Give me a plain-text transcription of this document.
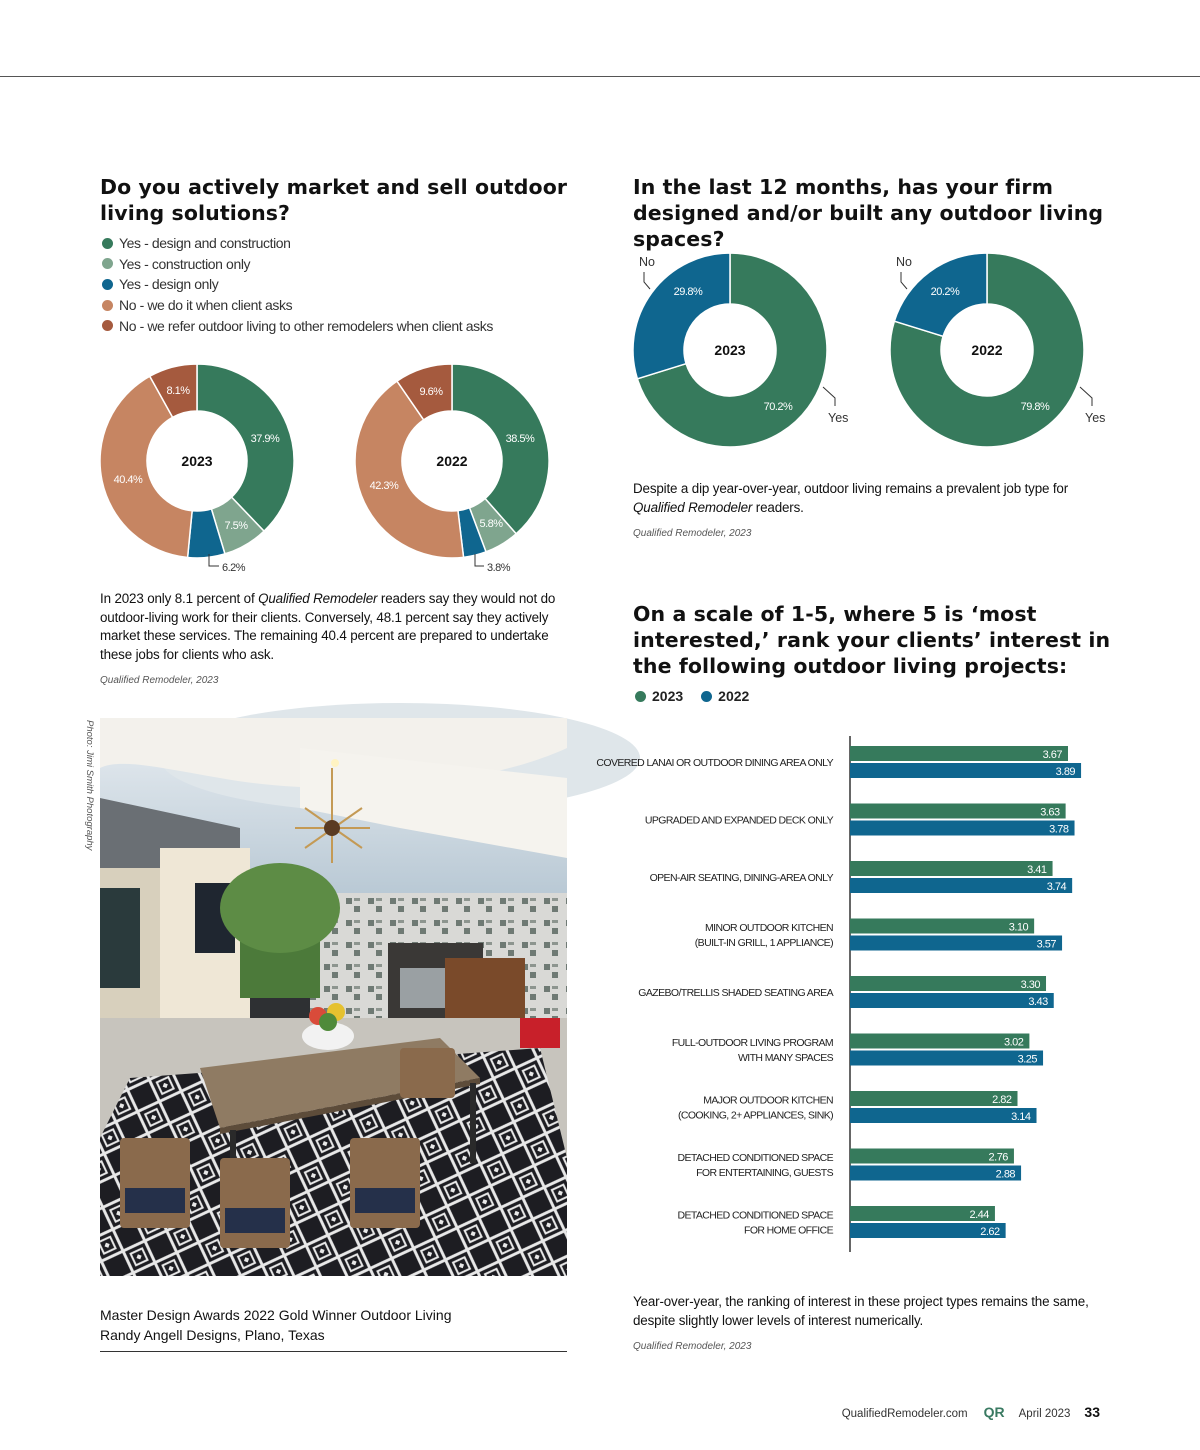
Do you actively market and sell outdoor living solutions?
Yes - design and construction
Yes - construction only
Yes - design only
No - we do it when client asks
No - we refer outdoor living to other remodelers when client asks
2023
37.9%
7.5%
6.2%
40.4%
8.1%
2022
38.5%
5.8%
3.8%
42.3%
9.6%

In 2023 only 8.1 percent of Qualified Remodeler readers say they would not do outdoor-living work for their clients. Conversely, 48.1 percent say they actively market these services. The remaining 40.4 percent are prepared to undertake these jobs for clients who ask.

Qualified Remodeler, 2023
Photo: Jimi Smith Photography
Master Design Awards 2022 Gold Winner Outdoor Living
Randy Angell Designs, Plano, Texas
In the last 12 months, has your firm designed and/or built any outdoor living spaces?
2023
70.2%
29.8%
2022
79.8%
20.2%
Yes
No
Yes
No

Despite a dip year-over-year, outdoor living remains a prevalent job type for Qualified Remodeler readers.

Qualified Remodeler, 2023
On a scale of 1-5, where 5 is ‘most interested,’ rank your clients’ interest in the following outdoor living projects:
2023	2022
COVERED LANAI OR OUTDOOR DINING AREA ONLY
3.67
3.89
UPGRADED AND EXPANDED DECK ONLY
3.63
3.78
OPEN-AIR SEATING, DINING-AREA ONLY
3.41
3.74
MINOR OUTDOOR KITCHEN
(BUILT-IN GRILL, 1 APPLIANCE)
3.10
3.57
GAZEBO/TRELLIS SHADED SEATING AREA
3.30
3.43
FULL-OUTDOOR LIVING PROGRAM
WITH MANY SPACES
3.02
3.25
MAJOR OUTDOOR KITCHEN
(COOKING, 2+ APPLIANCES, SINK)
2.82
3.14
DETACHED CONDITIONED SPACE
FOR ENTERTAINING, GUESTS
2.76
2.88
DETACHED CONDITIONED SPACE
FOR HOME OFFICE
2.44
2.62

Year-over-year, the ranking of interest in these project types remains the same, despite slightly lower levels of interest numerically.

Qualified Remodeler, 2023
QualifiedRemodeler.com QR April 2023 33
